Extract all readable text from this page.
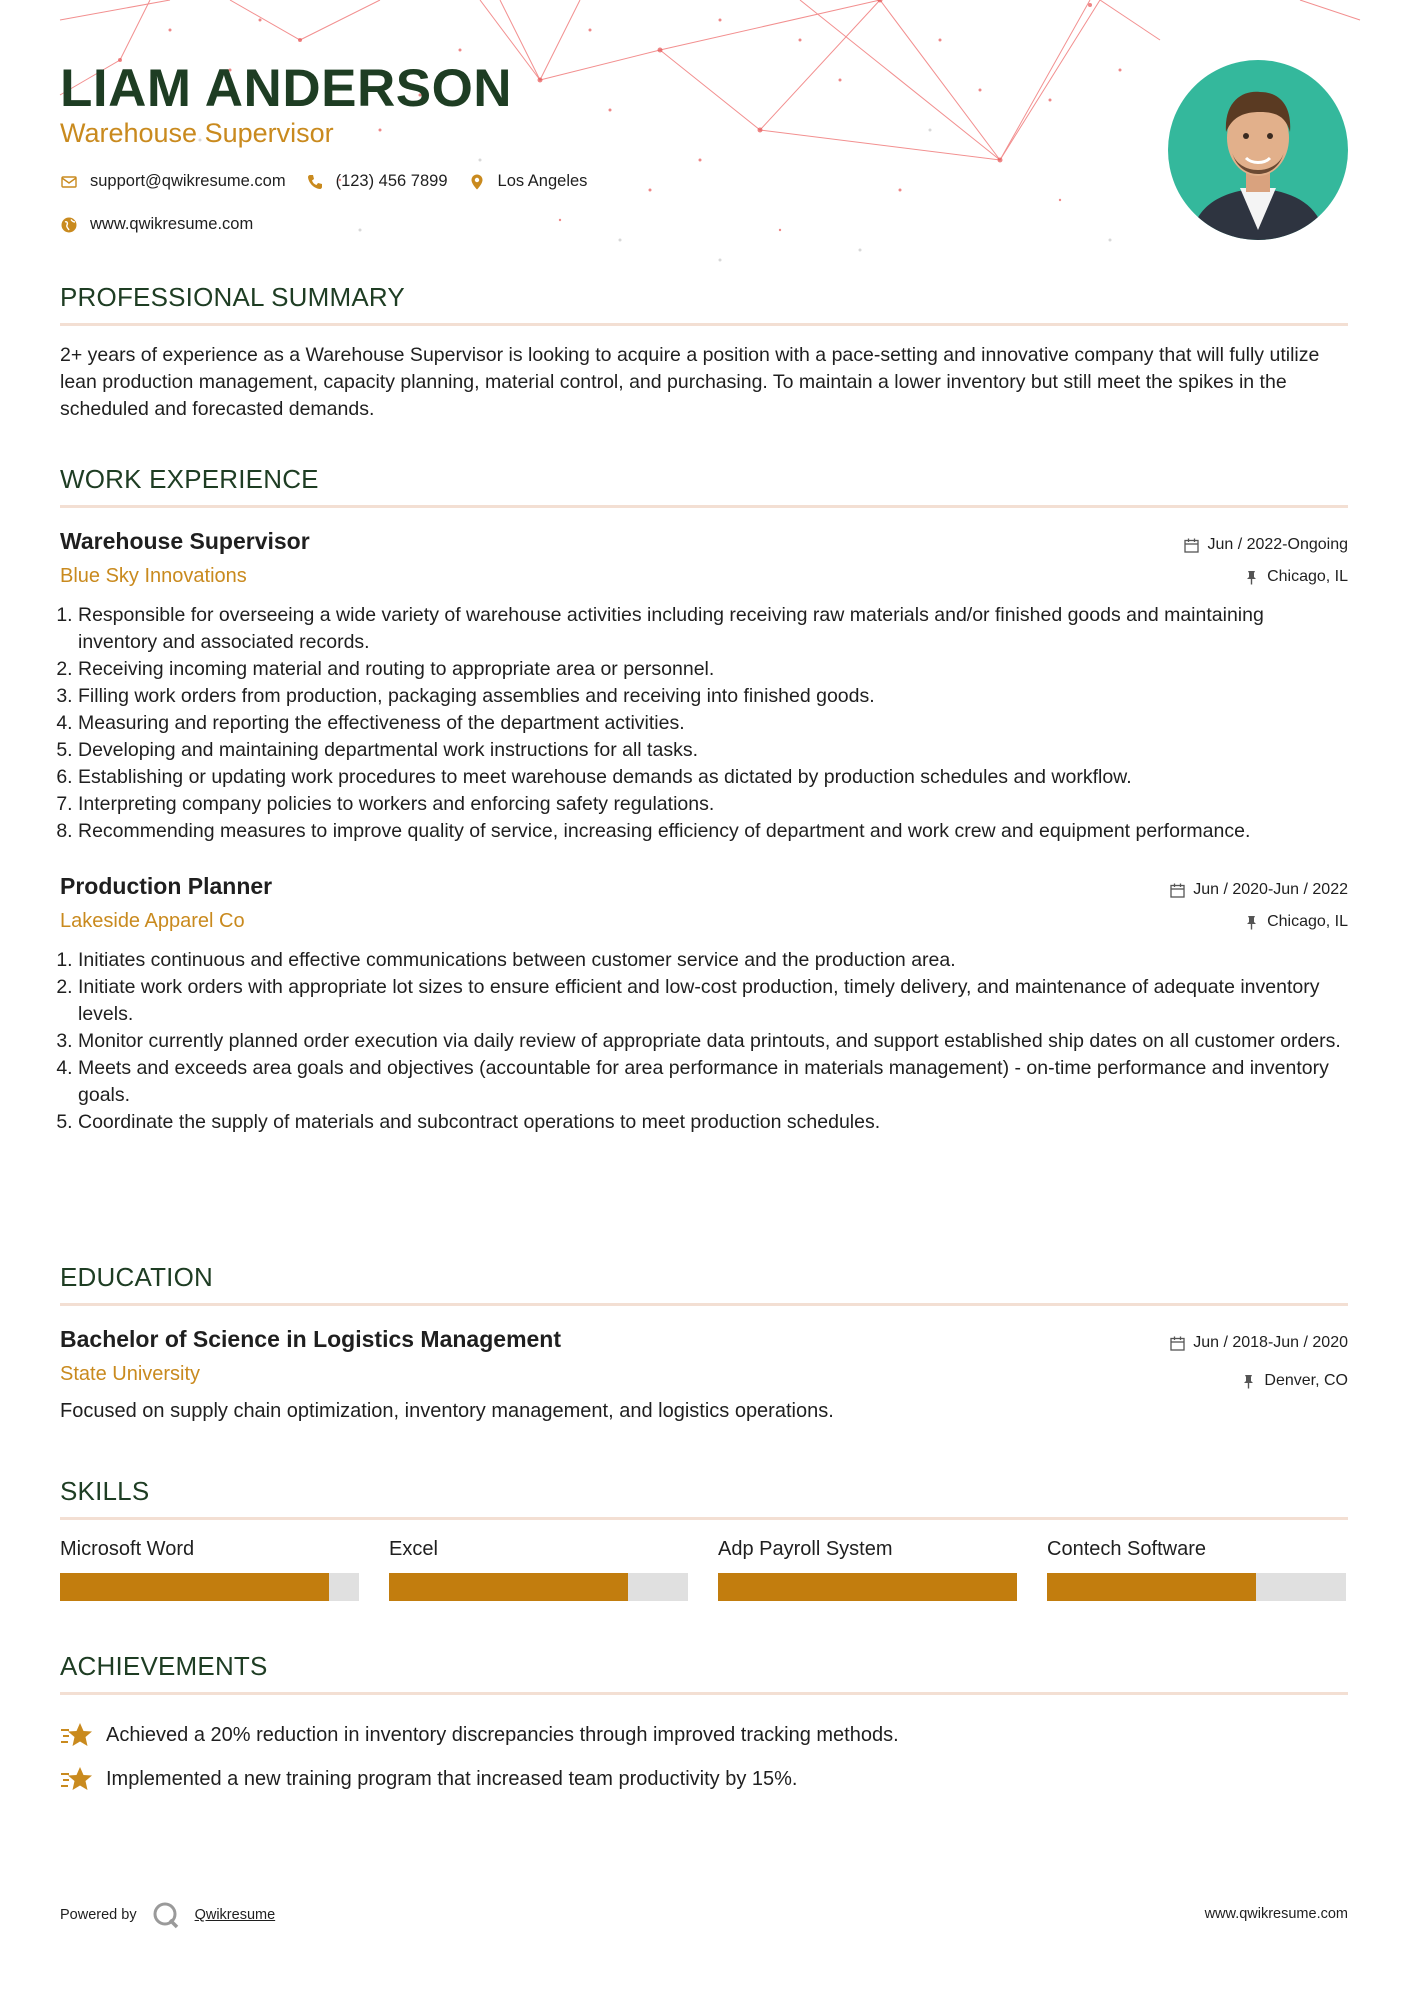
LIAM ANDERSON
Warehouse Supervisor
support@qwikresume.com	(123) 456 7899	Los Angeles
www.qwikresume.com
PROFESSIONAL SUMMARY

2+ years of experience as a Warehouse Supervisor is looking to acquire a position with a pace-setting and innovative company that will fully utilize lean production management, capacity planning, material control, and purchasing. To maintain a lower inventory but still meet the spikes in the scheduled and forecasted demands.

WORK EXPERIENCE
Warehouse Supervisor
Blue Sky Innovations
Jun / 2022-Ongoing
Chicago, IL
1. Responsible for overseeing a wide variety of warehouse activities including receiving raw materials and/or finished goods and maintaining inventory and associated records.
2. Receiving incoming material and routing to appropriate area or personnel.
3. Filling work orders from production, packaging assemblies and receiving into finished goods.
4. Measuring and reporting the effectiveness of the department activities.
5. Developing and maintaining departmental work instructions for all tasks.
6. Establishing or updating work procedures to meet warehouse demands as dictated by production schedules and workflow.
7. Interpreting company policies to workers and enforcing safety regulations.
8. Recommending measures to improve quality of service, increasing efficiency of department and work crew and equipment performance.
Production Planner
Lakeside Apparel Co
Jun / 2020-Jun / 2022
Chicago, IL
1. Initiates continuous and effective communications between customer service and the production area.
2. Initiate work orders with appropriate lot sizes to ensure efficient and low-cost production, timely delivery, and maintenance of adequate inventory levels.
3. Monitor currently planned order execution via daily review of appropriate data printouts, and support established ship dates on all customer orders.
4. Meets and exceeds area goals and objectives (accountable for area performance in materials management) - on-time performance and inventory goals.
5. Coordinate the supply of materials and subcontract operations to meet production schedules.
EDUCATION
Bachelor of Science in Logistics Management
State University
Jun / 2018-Jun / 2020
Denver, CO
Focused on supply chain optimization, inventory management, and logistics operations.
SKILLS
Microsoft Word	Excel	Adp Payroll System	Contech Software
ACHIEVEMENTS
Achieved a 20% reduction in inventory discrepancies through improved tracking methods.
Implemented a new training program that increased team productivity by 15%.
Powered by	Qwikresume	www.qwikresume.com
